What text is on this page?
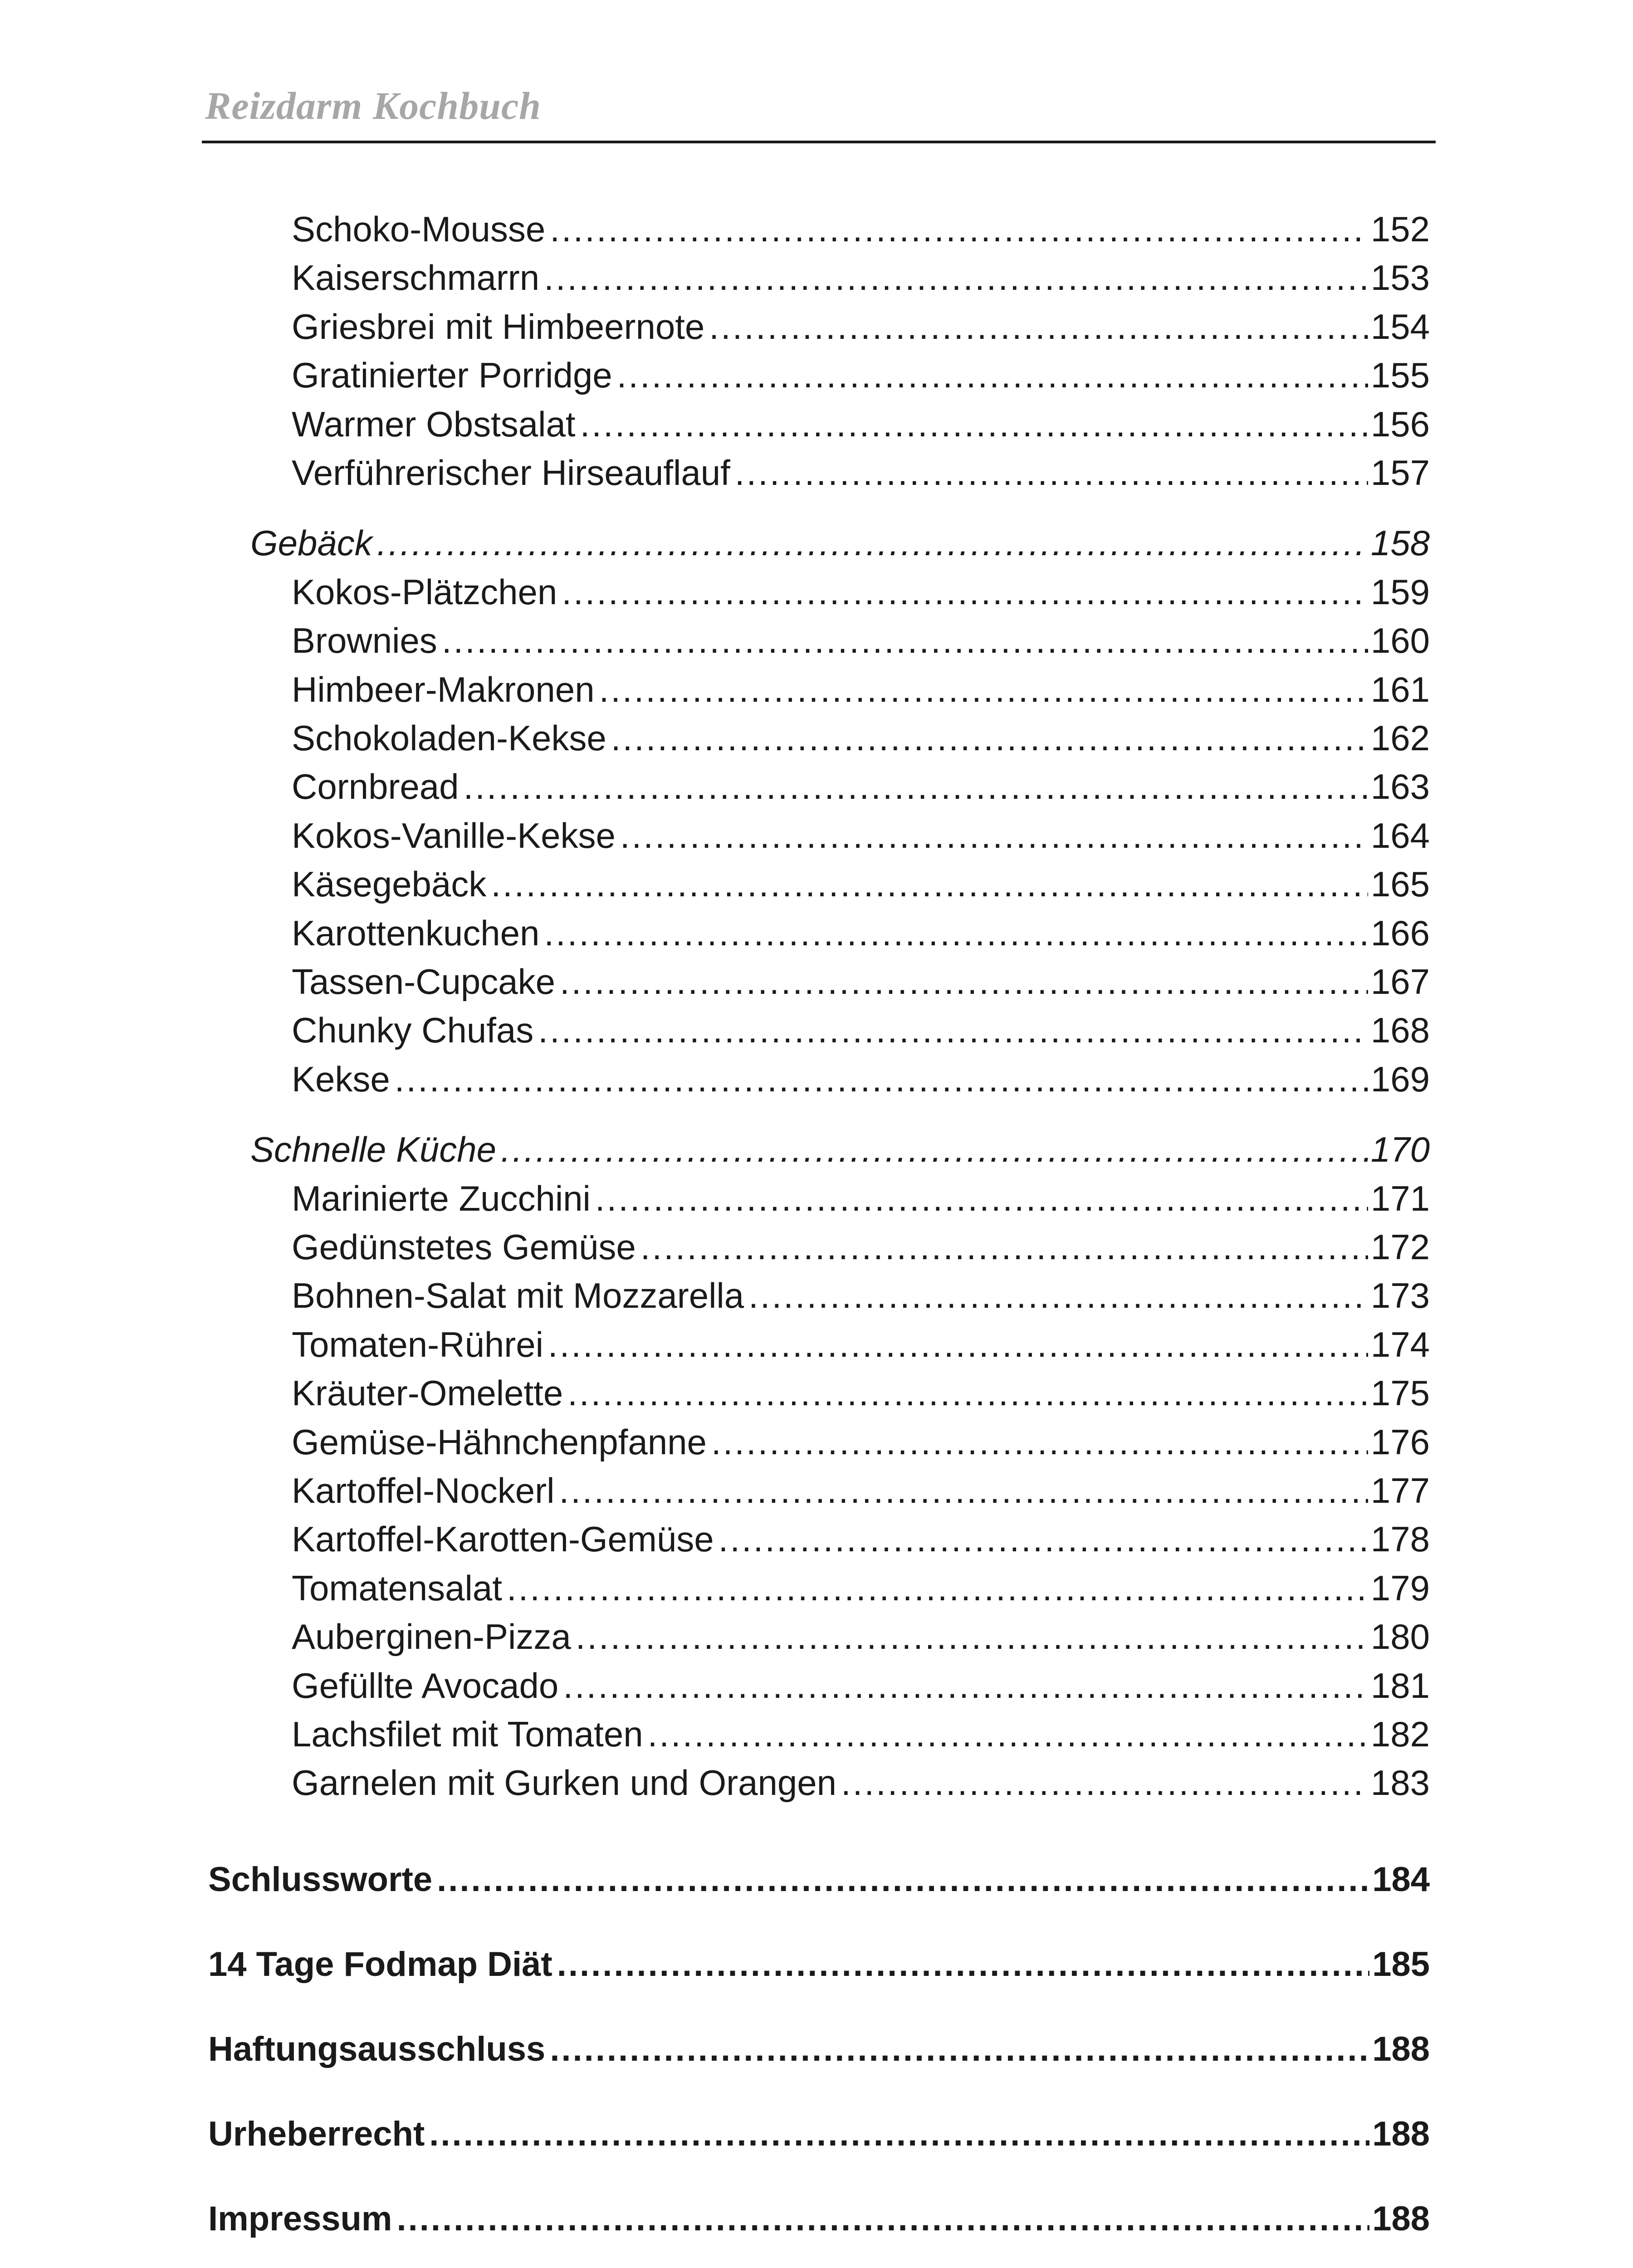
Reizdarm Kochbuch
Schoko-Mousse .....	152
Kaiserschmarrn .....	153
Griesbrei mit Himbeernote .....	154
Gratinierter Porridge .....	155
Warmer Obstsalat .....	156
Verführerischer Hirseauflauf .....	157
Gebäck .....	158
Kokos-Plätzchen .....	159
Brownies .....	160
Himbeer-Makronen .....	161
Schokoladen-Kekse .....	162
Cornbread .....	163
Kokos-Vanille-Kekse .....	164
Käsegebäck .....	165
Karottenkuchen .....	166
Tassen-Cupcake .....	167
Chunky Chufas .....	168
Kekse .....	169
Schnelle Küche .....	170
Marinierte Zucchini .....	171
Gedünstetes Gemüse .....	172
Bohnen-Salat mit Mozzarella .....	173
Tomaten-Rührei .....	174
Kräuter-Omelette .....	175
Gemüse-Hähnchenpfanne .....	176
Kartoffel-Nockerl .....	177
Kartoffel-Karotten-Gemüse .....	178
Tomatensalat .....	179
Auberginen-Pizza .....	180
Gefüllte Avocado .....	181
Lachsfilet mit Tomaten .....	182
Garnelen mit Gurken und Orangen .....	183
Schlussworte .....	184
14 Tage Fodmap Diät .....	185
Haftungsausschluss .....	188
Urheberrecht .....	188
Impressum .....	188
